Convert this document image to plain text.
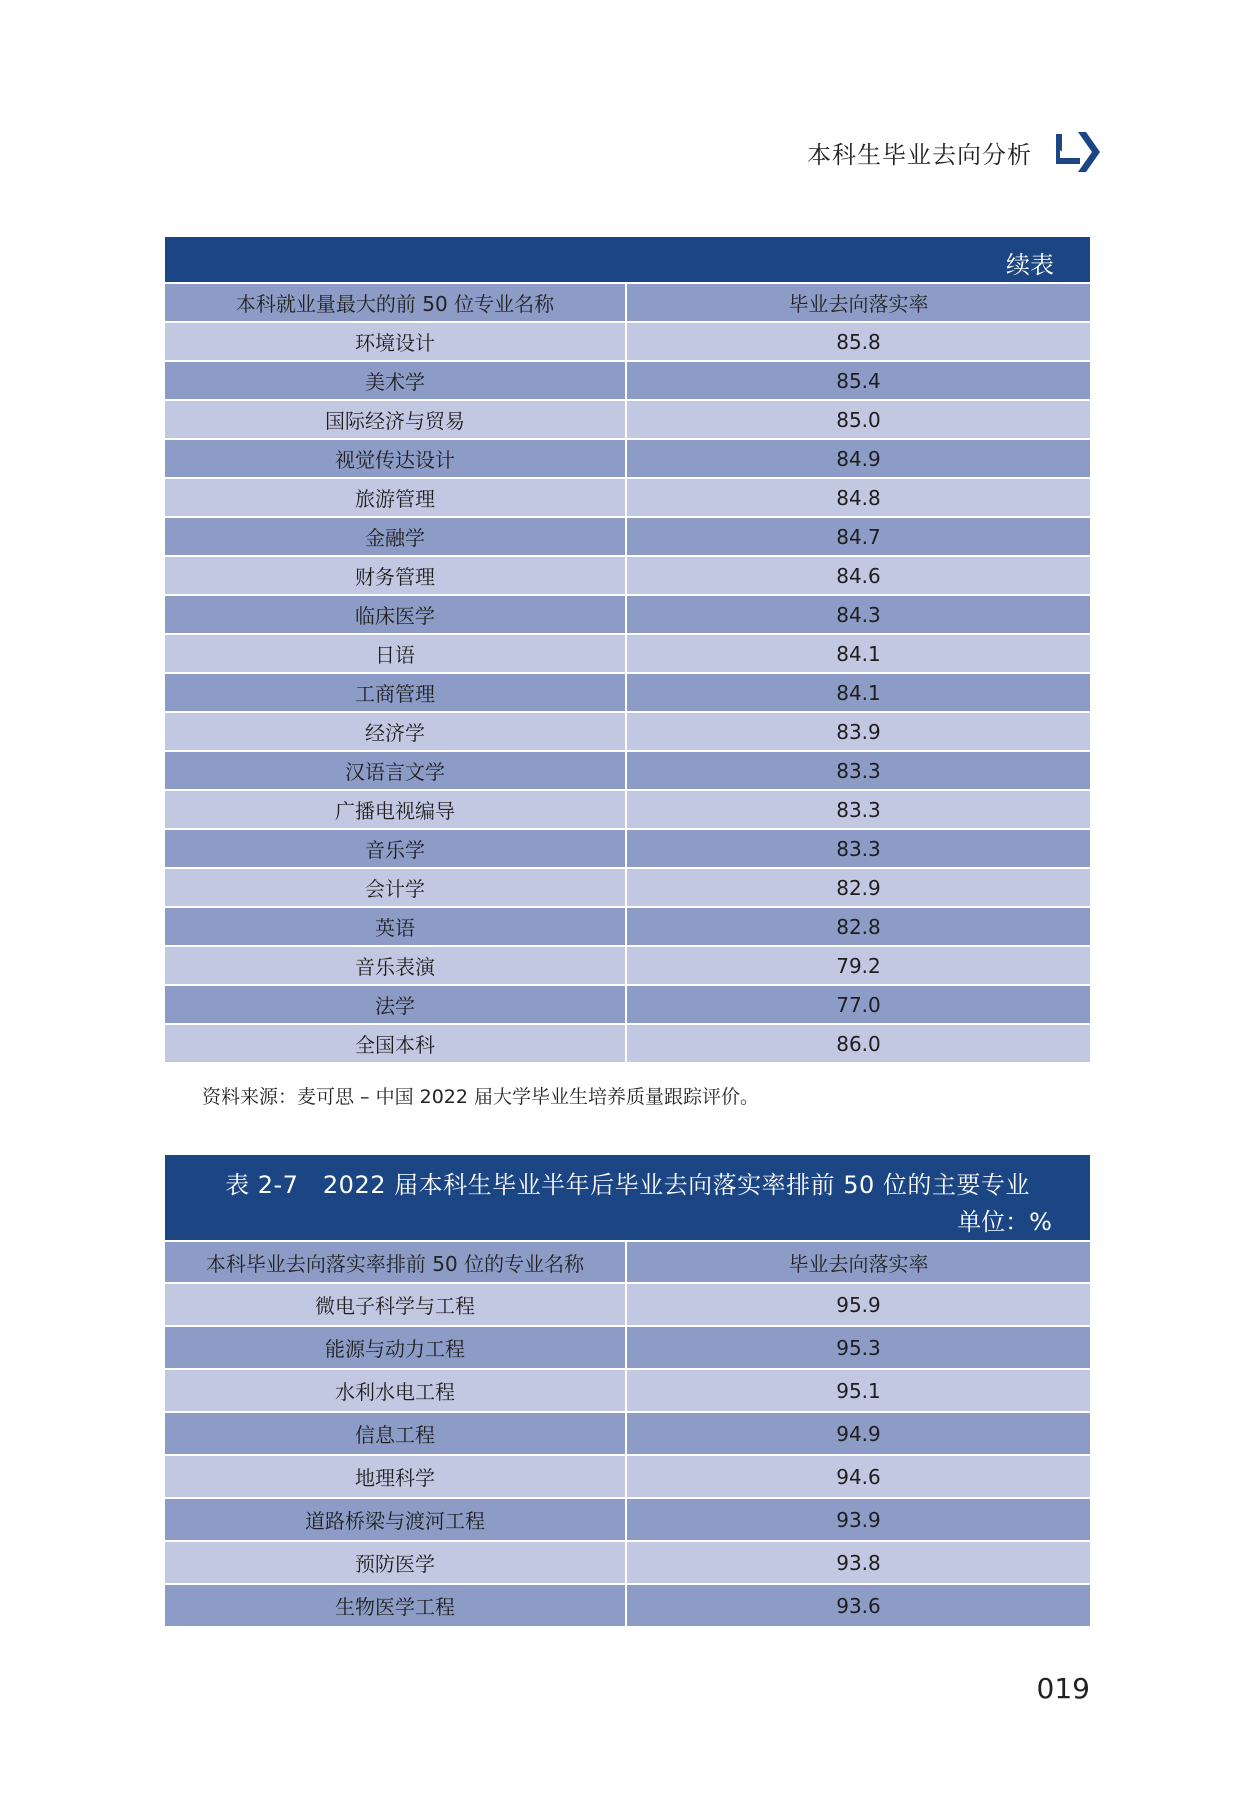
本科生毕业去向分析
续表
本科就业量最大的前 50 位专业名称	毕业去向落实率
环境设计	85.8
美术学	85.4
国际经济与贸易	85.0
视觉传达设计	84.9
旅游管理	84.8
金融学	84.7
财务管理	84.6
临床医学	84.3
日语	84.1
工商管理	84.1
经济学	83.9
汉语言文学	83.3
广播电视编导	83.3
音乐学	83.3
会计学	82.9
英语	82.8
音乐表演	79.2
法学	77.0
全国本科	86.0
资料来源：麦可思 – 中国 2022 届大学毕业生培养质量跟踪评价。
表 2-7　2022 届本科生毕业半年后毕业去向落实率排前 50 位的主要专业
单位：%
本科毕业去向落实率排前 50 位的专业名称	毕业去向落实率
微电子科学与工程	95.9
能源与动力工程	95.3
水利水电工程	95.1
信息工程	94.9
地理科学	94.6
道路桥梁与渡河工程	93.9
预防医学	93.8
生物医学工程	93.6
019
